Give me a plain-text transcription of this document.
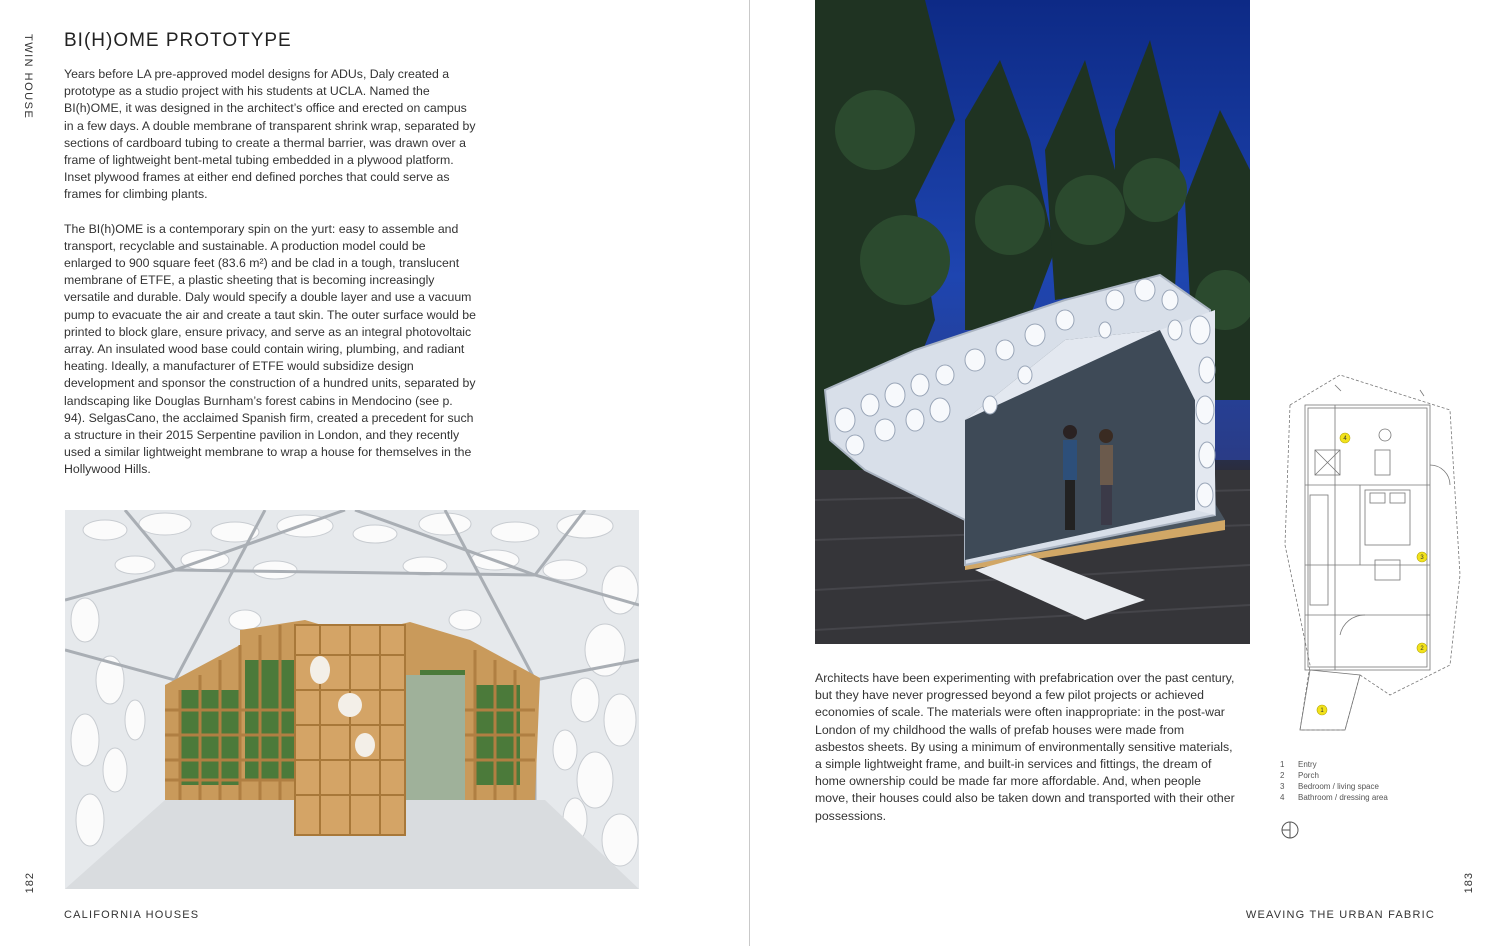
TWIN HOUSE BI(H)OME PROTOTYPE

Years before LA pre-approved model designs for ADUs, Daly created a prototype as a studio project with his students at UCLA. Named the BI(h)OME, it was designed in the architect’s office and erected on campus in a few days. A double membrane of transparent shrink wrap, separated by sections of cardboard tubing to create a thermal barrier, was drawn over a frame of lightweight bent-metal tubing embedded in a plywood platform. Inset plywood frames at either end defined porches that could serve as frames for climbing plants.

The BI(h)OME is a contemporary spin on the yurt: easy to assemble and transport, recyclable and sustainable. A production model could be enlarged to 900 square feet (83.6 m²) and be clad in a tough, translucent membrane of ETFE, a plastic sheeting that is becoming increasingly versatile and durable. Daly would specify a double layer and use a vacuum pump to evacuate the air and create a taut skin. The outer surface would be printed to block glare, ensure privacy, and serve as an integral photovoltaic array. An insulated wood base could contain wiring, plumbing, and radiant heating. Ideally, a manufacturer of ETFE would subsidize design development and sponsor the construction of a hundred units, separated by landscaping like Douglas Burnham’s forest cabins in Mendocino (see p. 94). SelgasCano, the acclaimed Spanish firm, created a precedent for such a structure in their 2015 Serpentine pavilion in London, and they recently used a similar lightweight membrane to wrap a house for themselves in the Hollywood Hills.

182
CALIFORNIA HOUSES

Architects have been experimenting with prefabrication over the past century, but they have never progressed beyond a few pilot projects or achieved economies of scale. The materials were often inappropriate: in the post-war London of my childhood the walls of prefab houses were made from asbestos sheets. By using a minimum of environmentally sensitive materials, a simple lightweight frame, and built-in services and fittings, the dream of home ownership could be made far more affordable. And, when people move, their houses could also be taken down and transported with their other possessions.

1
2
3
4
1	Entry
2	Porch
3	Bedroom / living space
4	Bathroom / dressing area
183
WEAVING THE URBAN FABRIC
